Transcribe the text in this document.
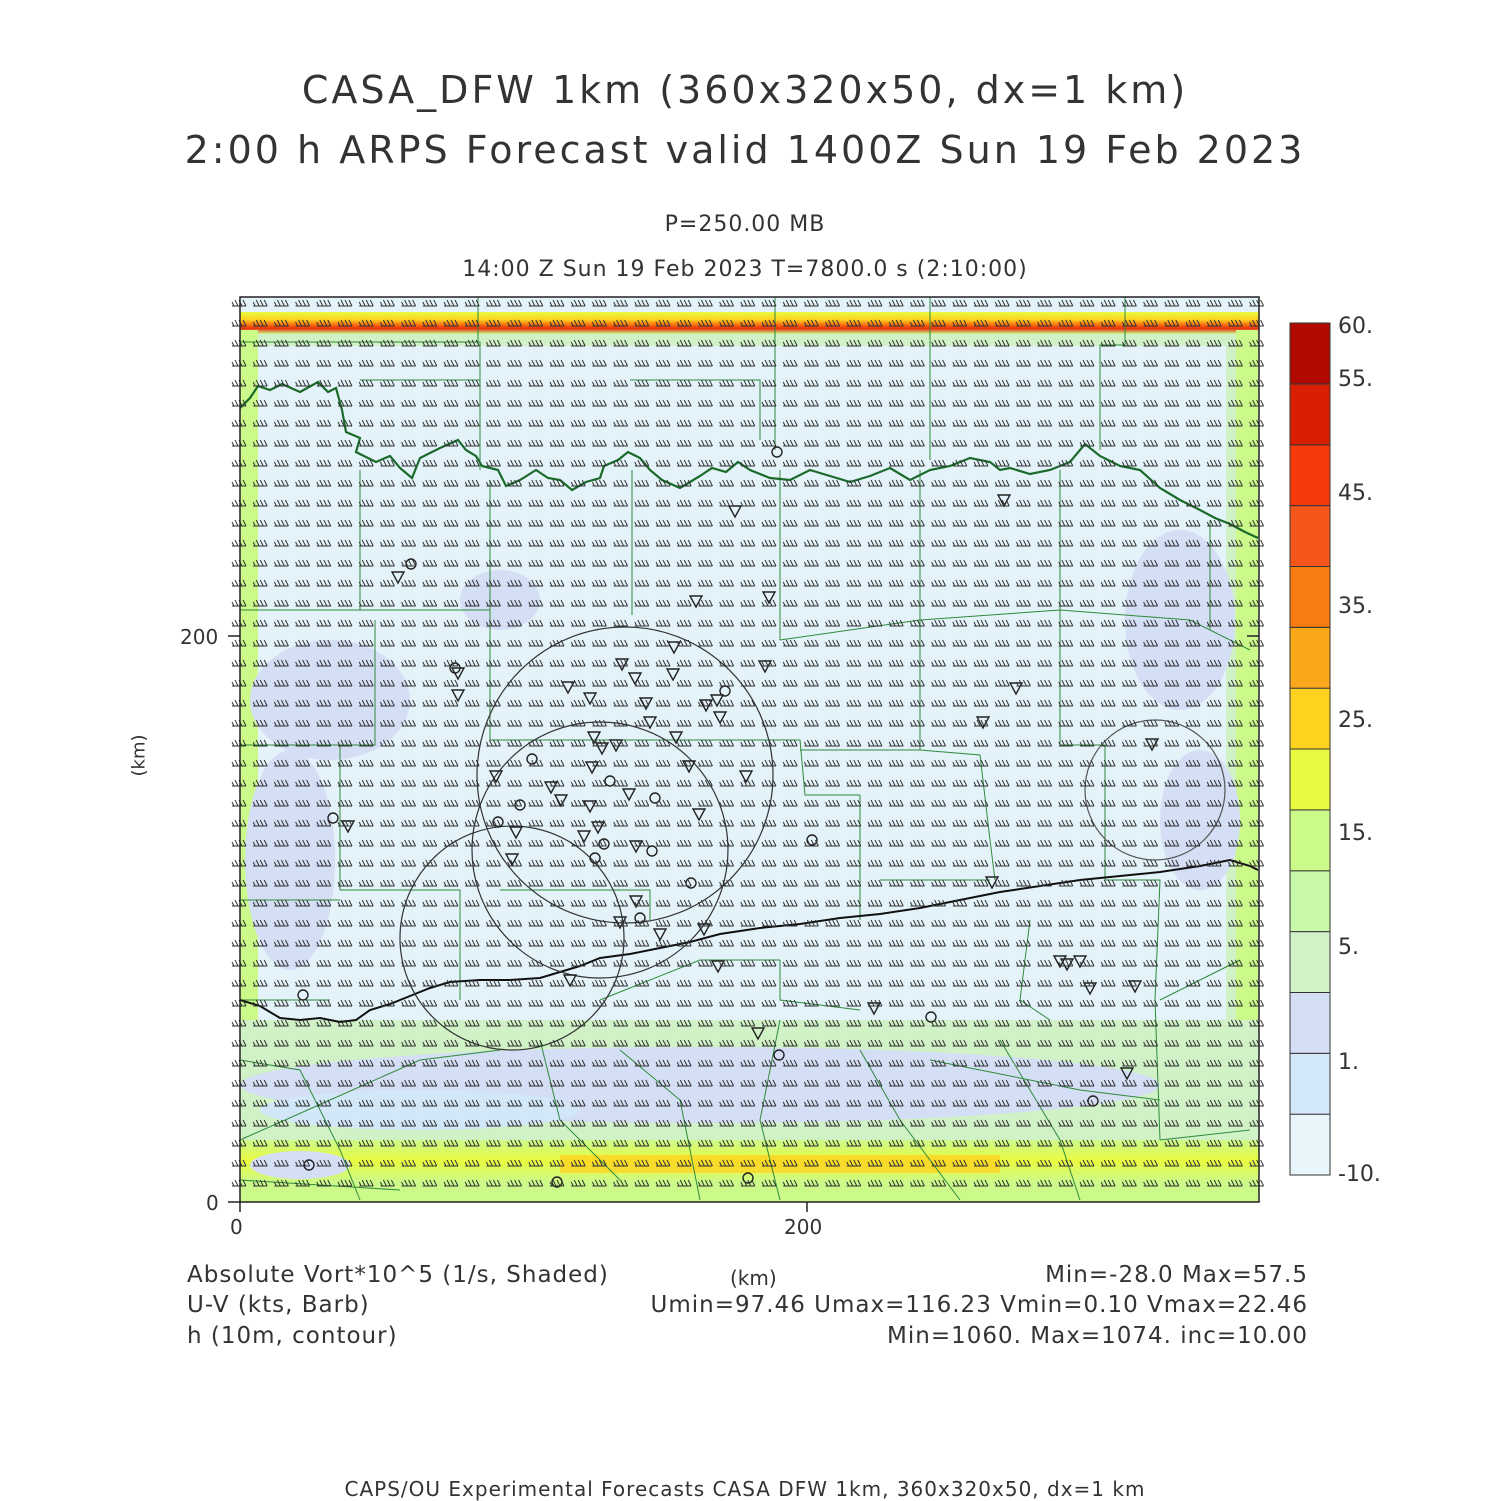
CASA_DFW 1km (360x320x50, dx=1 km)
2:00 h ARPS Forecast valid 1400Z Sun 19 Feb 2023
P=250.00 MB
14:00 Z Sun 19 Feb 2023 T=7800.0 s (2:10:00)
0	200
0
200
(km)
60.
55.
45.
35.
25.
15.
5.
1.
-10.
Absolute Vort*10^5 (1/s, Shaded)	(km)	Min=-28.0 Max=57.5
U-V (kts, Barb)	Umin=97.46 Umax=116.23 Vmin=0.10 Vmax=22.46
h (10m, contour)	Min=1060. Max=1074. inc=10.00
CAPS/OU Experimental Forecasts CASA DFW 1km, 360x320x50, dx=1 km
